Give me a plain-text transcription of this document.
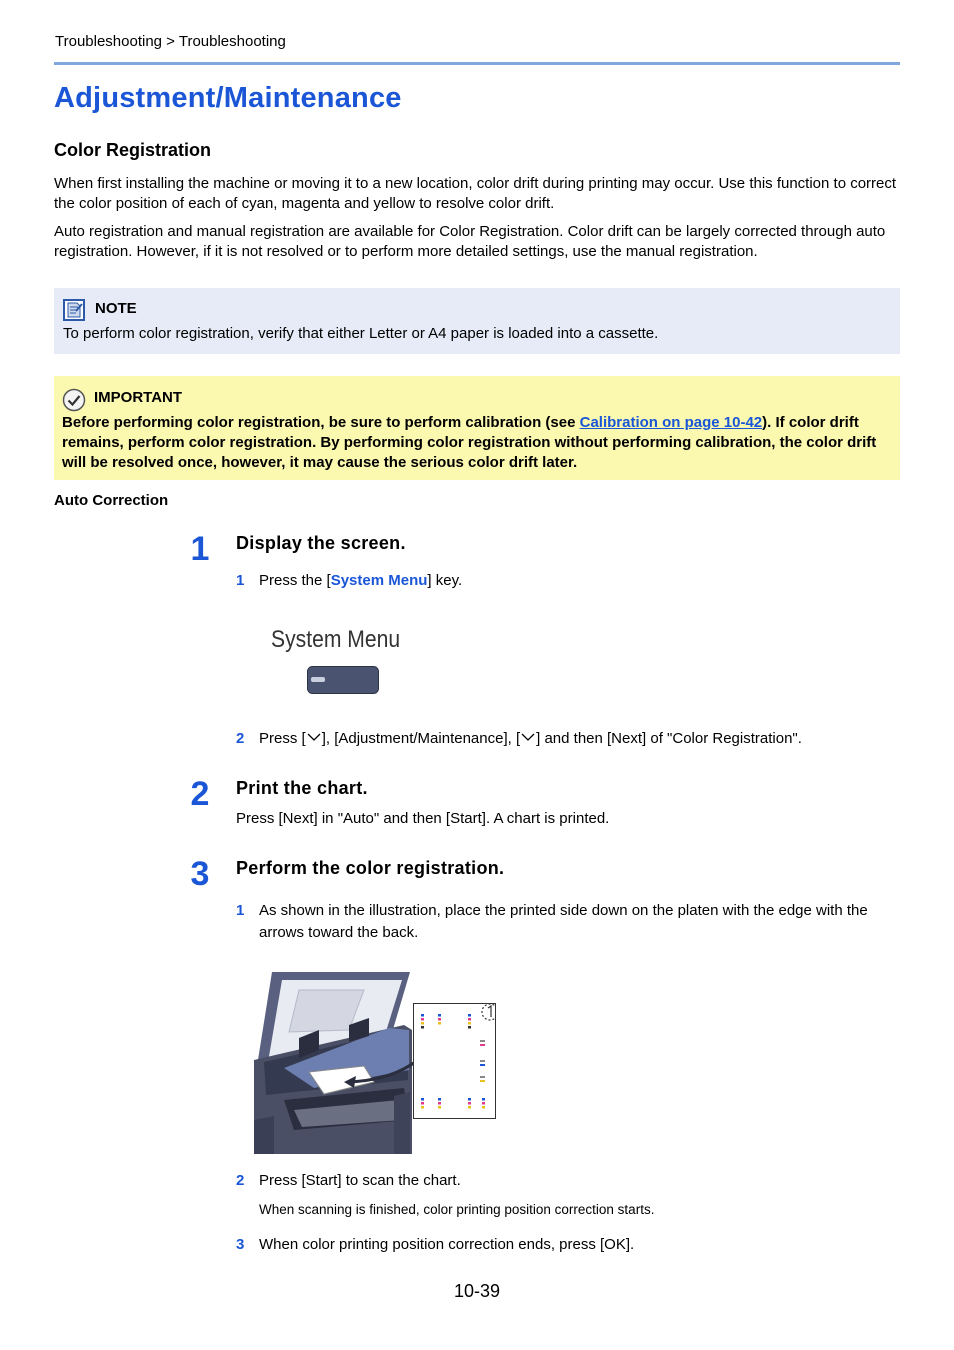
Troubleshooting > Troubleshooting
Adjustment/Maintenance
Color Registration
When first installing the machine or moving it to a new location, color drift during printing may occur. Use this function to correct the color position of each of cyan, magenta and yellow to resolve color drift.
Auto registration and manual registration are available for Color Registration. Color drift can be largely corrected through auto registration. However, if it is not resolved or to perform more detailed settings, use the manual registration.
NOTE
To perform color registration, verify that either Letter or A4 paper is loaded into a cassette.
IMPORTANT
Before performing color registration, be sure to perform calibration (see Calibration on page 10-42). If color drift remains, perform color registration. By performing color registration without performing calibration, the color drift will be resolved once, however, it may cause the serious color drift later.
Auto Correction
1	Display the screen.
1 Press the [System Menu] key.
System Menu
2 Press [ ], [Adjustment/Maintenance], [ ] and then [Next] of "Color Registration".
2	Print the chart.
Press [Next] in "Auto" and then [Start]. A chart is printed.
3	Perform the color registration.
1 As shown in the illustration, place the printed side down on the platen with the edge with the arrows toward the back.
2 Press [Start] to scan the chart.
When scanning is finished, color printing position correction starts.
3 When color printing position correction ends, press [OK].
10-39
